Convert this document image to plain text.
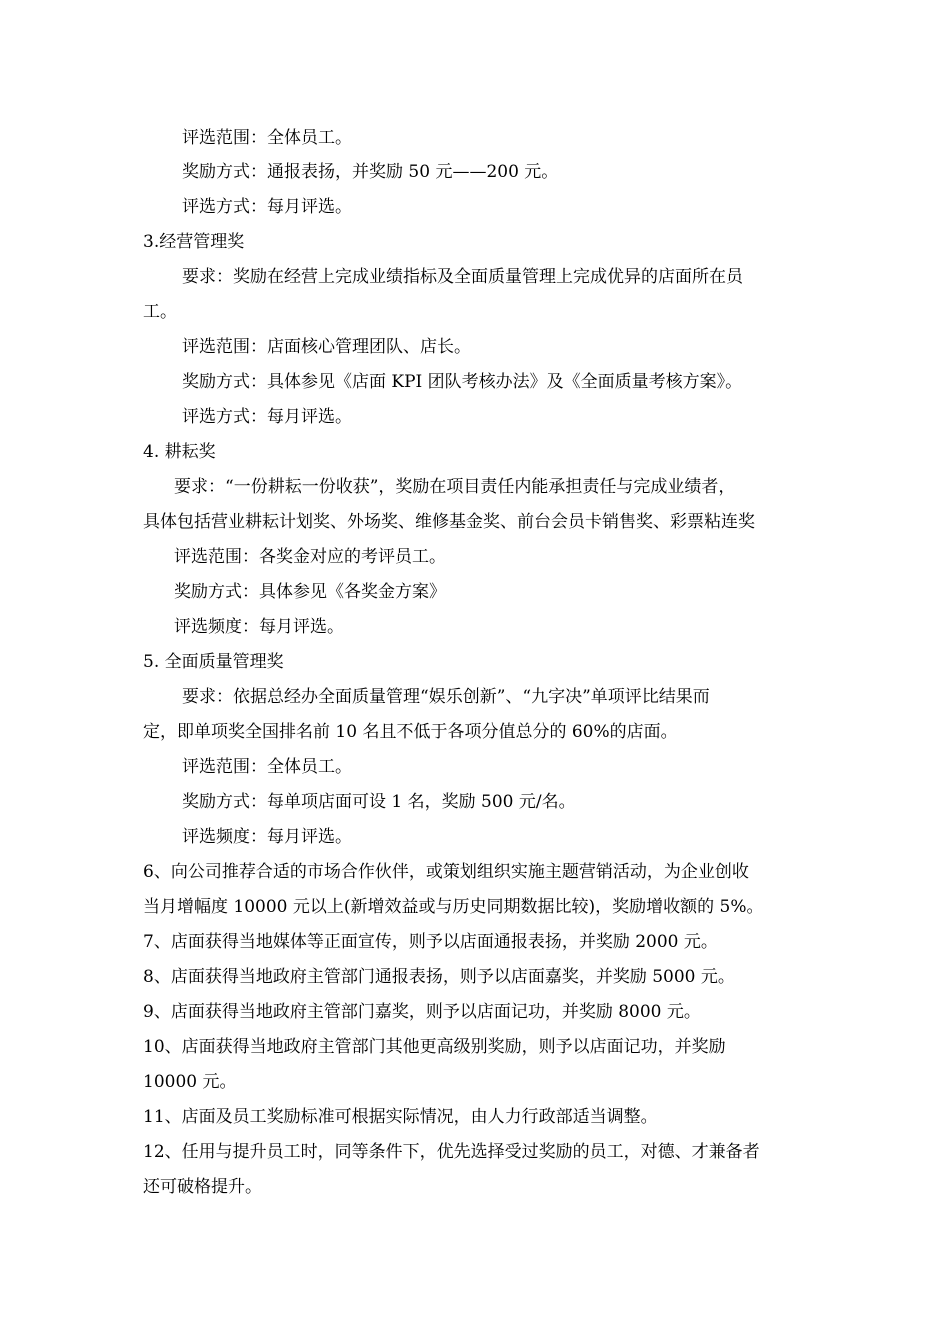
评选范围：全体员工。
奖励方式：通报表扬，并奖励 50 元——200 元。
评选方式：每月评选。
3.经营管理奖
要求：奖励在经营上完成业绩指标及全面质量管理上完成优异的店面所在员
工。
评选范围：店面核心管理团队、店长。
奖励方式：具体参见《店面 KPI 团队考核办法》及《全面质量考核方案》。
评选方式：每月评选。
4. 耕耘奖
要求：“一份耕耘一份收获”，奖励在项目责任内能承担责任与完成业绩者，
具体包括营业耕耘计划奖、外场奖、维修基金奖、前台会员卡销售奖、彩票粘连奖
评选范围：各奖金对应的考评员工。
奖励方式：具体参见《各奖金方案》
评选频度：每月评选。
5. 全面质量管理奖
要求：依据总经办全面质量管理“娱乐创新”、“九字决”单项评比结果而
定，即单项奖全国排名前 10 名且不低于各项分值总分的 60%的店面。
评选范围：全体员工。
奖励方式：每单项店面可设 1 名，奖励 500 元/名。
评选频度：每月评选。
6、向公司推荐合适的市场合作伙伴，或策划组织实施主题营销活动，为企业创收
当月增幅度 10000 元以上(新增效益或与历史同期数据比较)，奖励增收额的 5%。
7、店面获得当地媒体等正面宣传，则予以店面通报表扬，并奖励 2000 元。
8、店面获得当地政府主管部门通报表扬，则予以店面嘉奖，并奖励 5000 元。
9、店面获得当地政府主管部门嘉奖，则予以店面记功，并奖励 8000 元。
10、店面获得当地政府主管部门其他更高级别奖励，则予以店面记功，并奖励
10000 元。
11、店面及员工奖励标准可根据实际情况，由人力行政部适当调整。
12、任用与提升员工时，同等条件下，优先选择受过奖励的员工，对德、才兼备者
还可破格提升。
